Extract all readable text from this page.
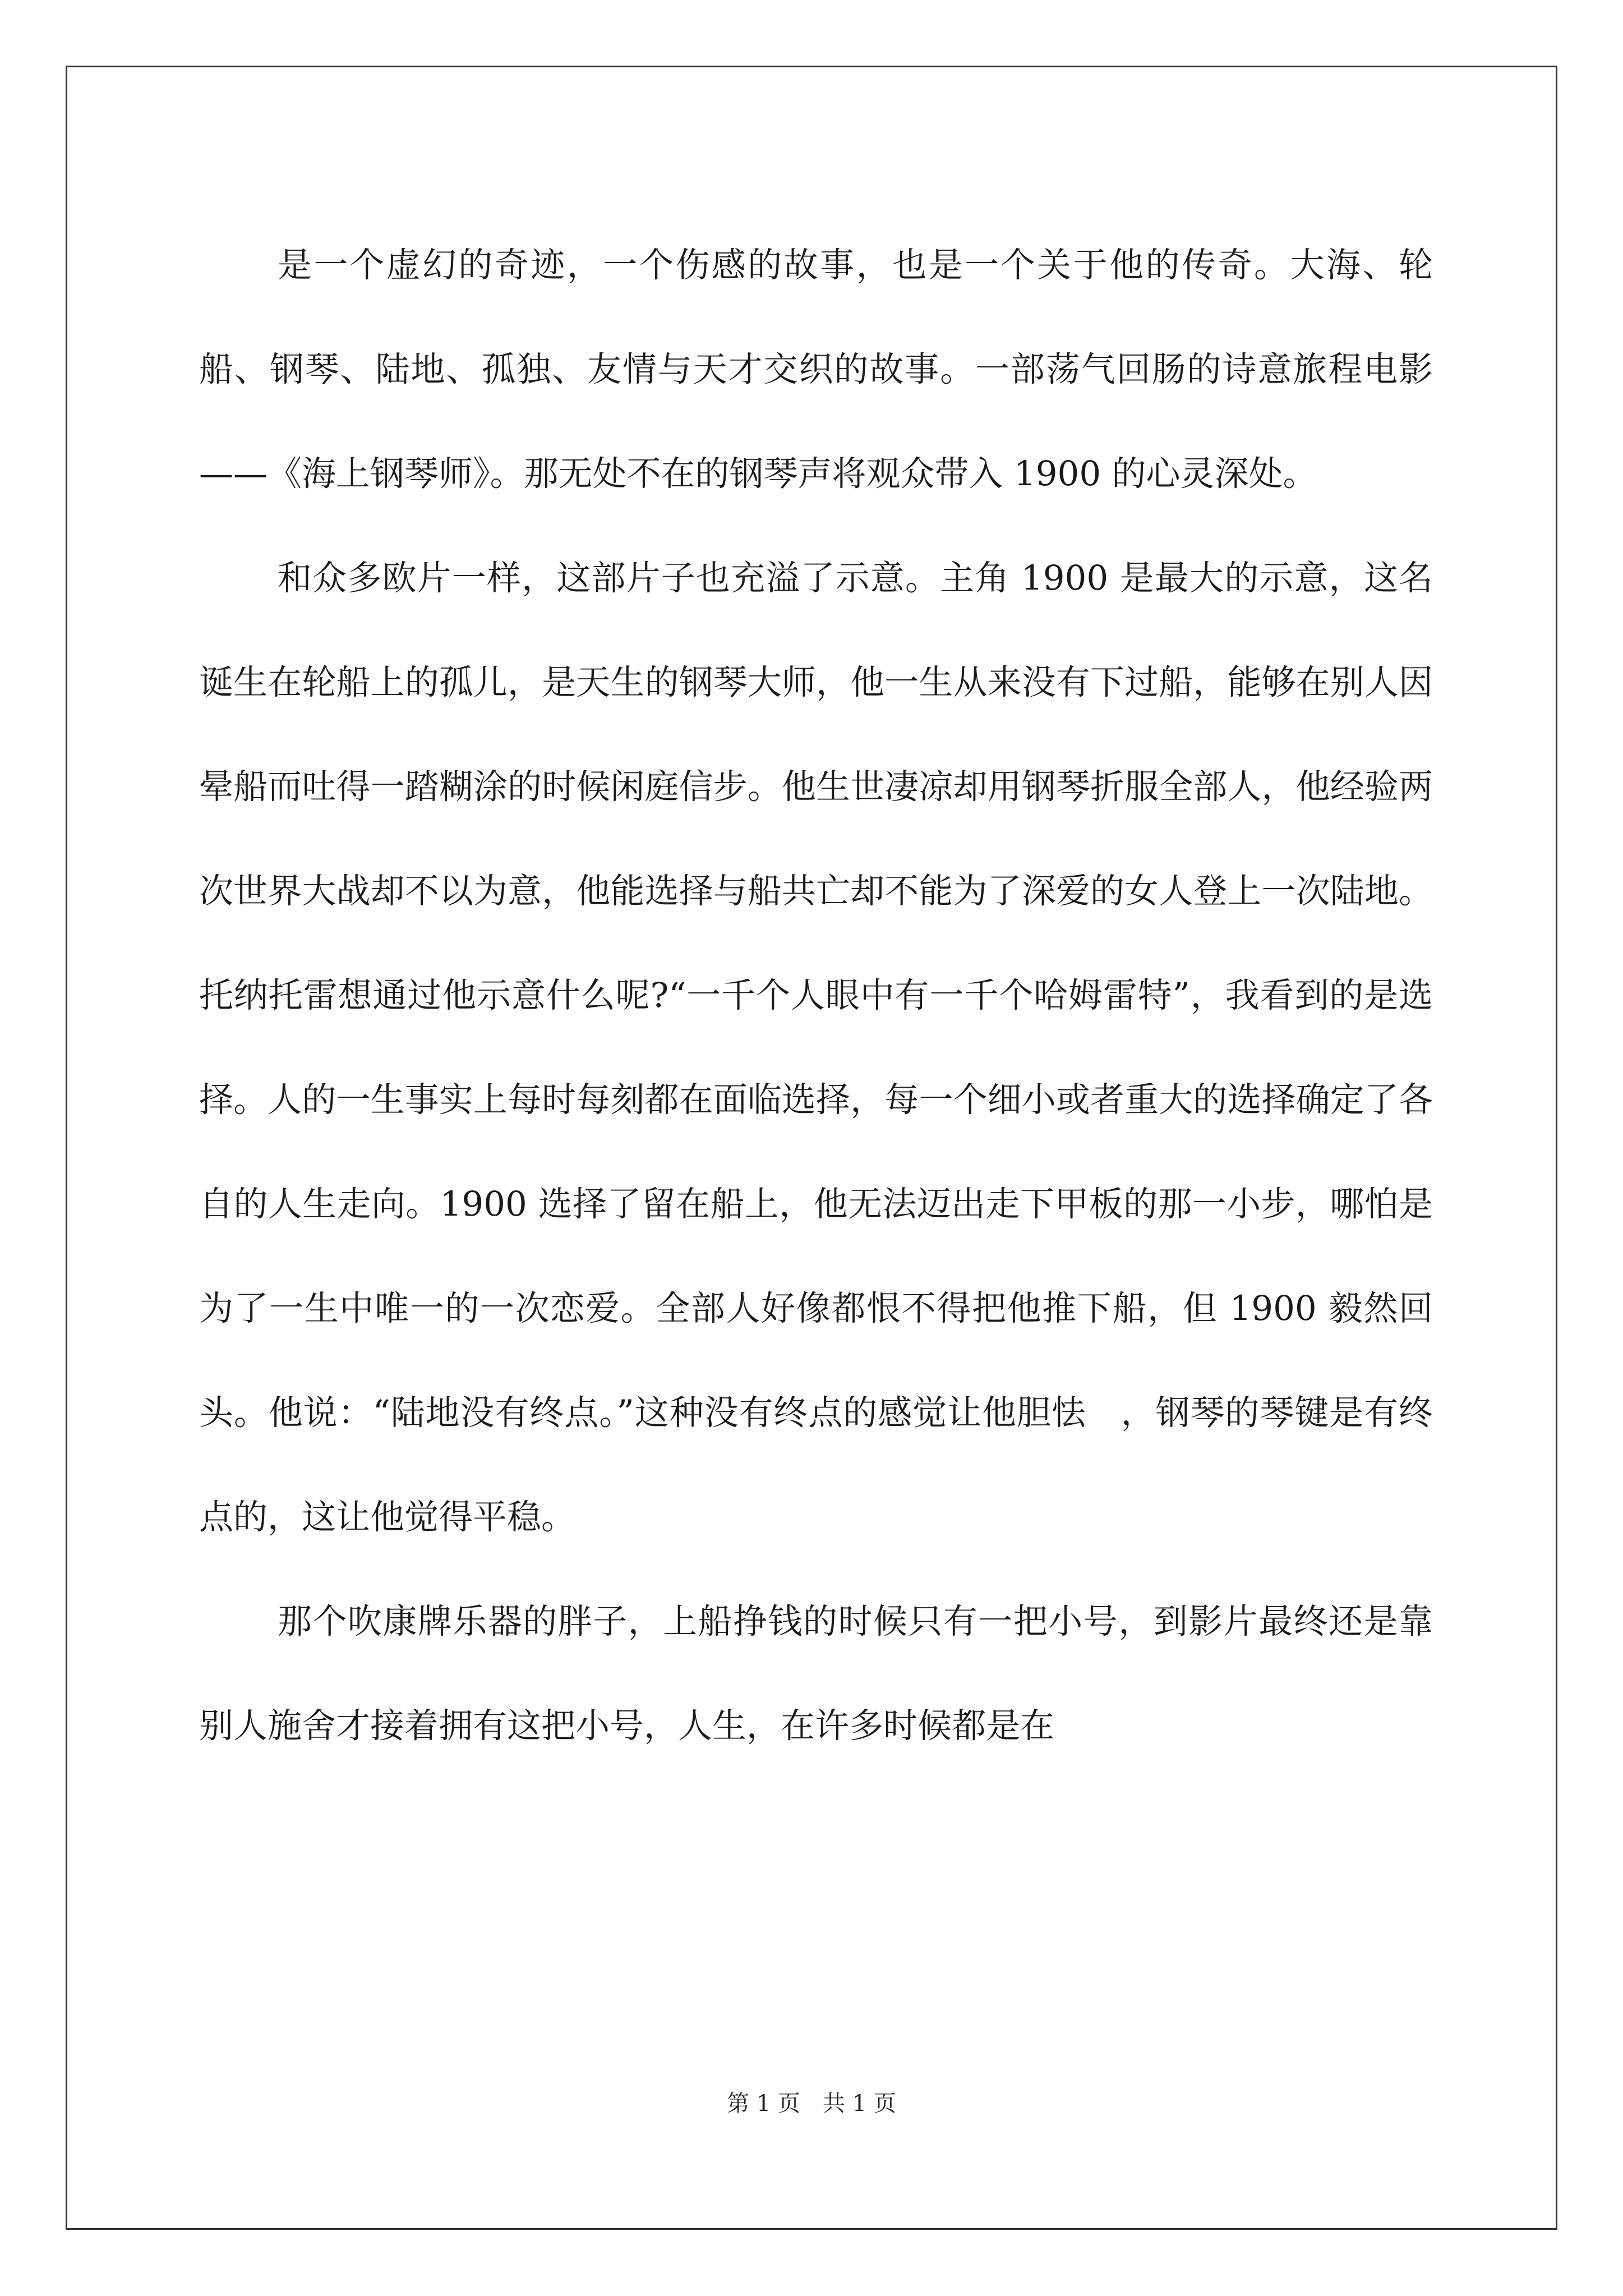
是一个虚幻的奇迹，一个伤感的故事，也是一个关于他的传奇。大海、轮船、钢琴、陆地、孤独、友情与天才交织的故事。一部荡气回肠的诗意旅程电影——《海上钢琴师》。那无处不在的钢琴声将观众带入 1900 的心灵深处。

和众多欧片一样，这部片子也充溢了示意。主角 1900 是最大的示意，这名诞生在轮船上的孤儿，是天生的钢琴大师，他一生从来没有下过船，能够在别人因晕船而吐得一踏糊涂的时候闲庭信步。他生世凄凉却用钢琴折服全部人，他经验两次世界大战却不以为意，他能选择与船共亡却不能为了深爱的女人登上一次陆地。托纳托雷想通过他示意什么呢?“一千个人眼中有一千个哈姆雷特”，我看到的是选择。人的一生事实上每时每刻都在面临选择，每一个细小或者重大的选择确定了各自的人生走向。1900 选择了留在船上，他无法迈出走下甲板的那一小步，哪怕是为了一生中唯一的一次恋爱。全部人好像都恨不得把他推下船，但 1900 毅然回头。他说：“陆地没有终点。”这种没有终点的感觉让他胆怯　，钢琴的琴键是有终点的，这让他觉得平稳。

那个吹康牌乐器的胖子，上船挣钱的时候只有一把小号，到影片最终还是靠别人施舍才接着拥有这把小号，人生，在许多时候都是在

第 1 页　共 1 页
